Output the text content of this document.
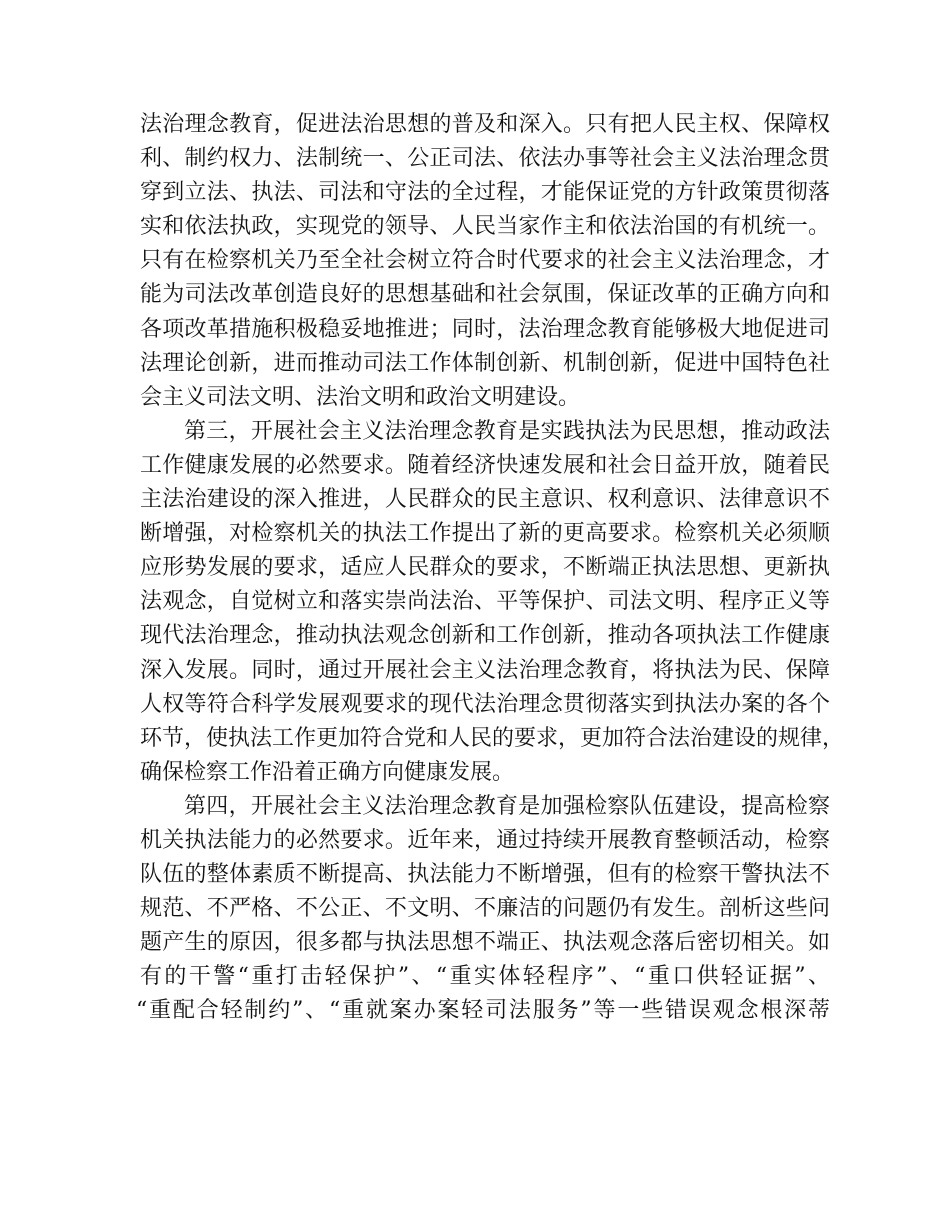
法治理念教育，促进法治思想的普及和深入。只有把人民主权、保障权
利、制约权力、法制统一、公正司法、依法办事等社会主义法治理念贯
穿到立法、执法、司法和守法的全过程，才能保证党的方针政策贯彻落
实和依法执政，实现党的领导、人民当家作主和依法治国的有机统一。
只有在检察机关乃至全社会树立符合时代要求的社会主义法治理念，才
能为司法改革创造良好的思想基础和社会氛围，保证改革的正确方向和
各项改革措施积极稳妥地推进；同时，法治理念教育能够极大地促进司
法理论创新，进而推动司法工作体制创新、机制创新，促进中国特色社
会主义司法文明、法治文明和政治文明建设。
第三，开展社会主义法治理念教育是实践执法为民思想，推动政法
工作健康发展的必然要求。随着经济快速发展和社会日益开放，随着民
主法治建设的深入推进，人民群众的民主意识、权利意识、法律意识不
断增强，对检察机关的执法工作提出了新的更高要求。检察机关必须顺
应形势发展的要求，适应人民群众的要求，不断端正执法思想、更新执
法观念，自觉树立和落实崇尚法治、平等保护、司法文明、程序正义等
现代法治理念，推动执法观念创新和工作创新，推动各项执法工作健康
深入发展。同时，通过开展社会主义法治理念教育，将执法为民、保障
人权等符合科学发展观要求的现代法治理念贯彻落实到执法办案的各个
环节，使执法工作更加符合党和人民的要求，更加符合法治建设的规律，
确保检察工作沿着正确方向健康发展。
第四，开展社会主义法治理念教育是加强检察队伍建设，提高检察
机关执法能力的必然要求。近年来，通过持续开展教育整顿活动，检察
队伍的整体素质不断提高、执法能力不断增强，但有的检察干警执法不
规范、不严格、不公正、不文明、不廉洁的问题仍有发生。剖析这些问
题产生的原因，很多都与执法思想不端正、执法观念落后密切相关。如
有的干警“重打击轻保护”、“重实体轻程序”、“重口供轻证据”、
“重配合轻制约”、“重就案办案轻司法服务”等一些错误观念根深蒂
